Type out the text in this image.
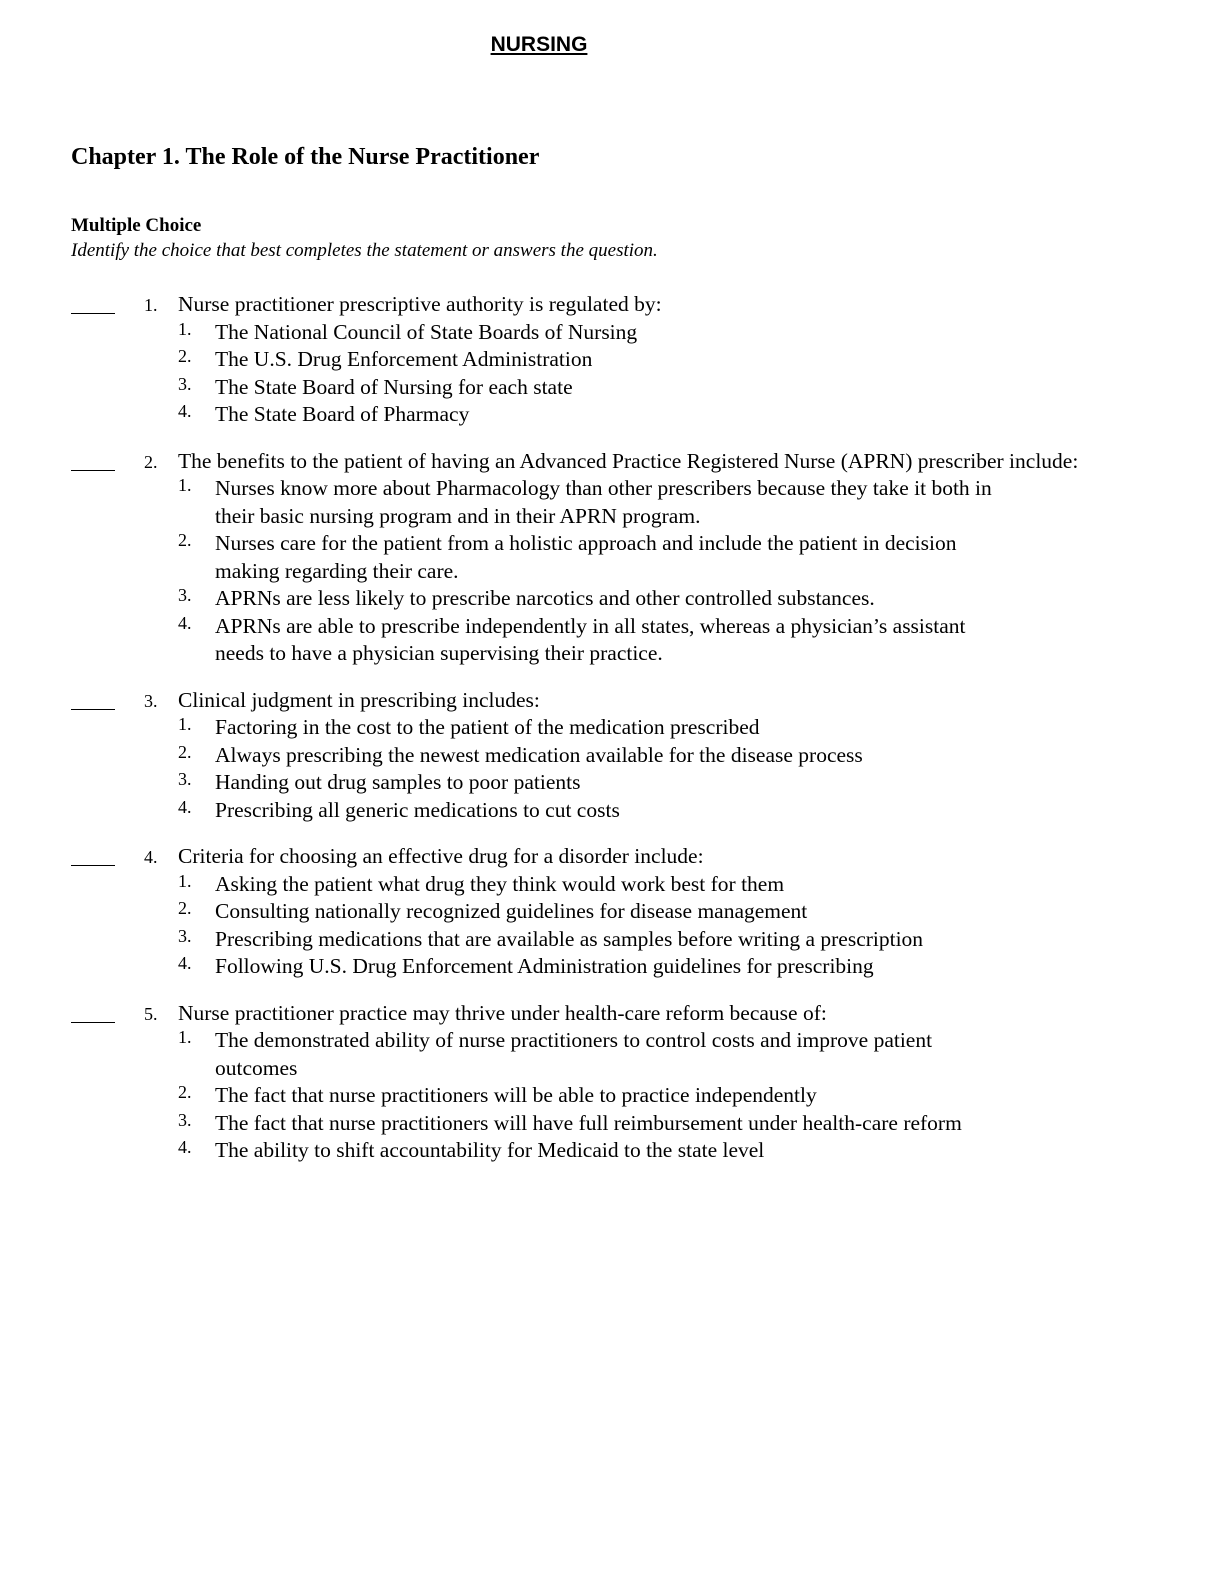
NURSING
Chapter 1. The Role of the Nurse Practitioner
Multiple Choice
Identify the choice that best completes the statement or answers the question.
1. Nurse practitioner prescriptive authority is regulated by:
1. The National Council of State Boards of Nursing
2. The U.S. Drug Enforcement Administration
3. The State Board of Nursing for each state
4. The State Board of Pharmacy
2. The benefits to the patient of having an Advanced Practice Registered Nurse (APRN) prescriber include:
1. Nurses know more about Pharmacology than other prescribers because they take it both in their basic nursing program and in their APRN program.
2. Nurses care for the patient from a holistic approach and include the patient in decision making regarding their care.
3. APRNs are less likely to prescribe narcotics and other controlled substances.
4. APRNs are able to prescribe independently in all states, whereas a physician’s assistant needs to have a physician supervising their practice.
3. Clinical judgment in prescribing includes:
1. Factoring in the cost to the patient of the medication prescribed
2. Always prescribing the newest medication available for the disease process
3. Handing out drug samples to poor patients
4. Prescribing all generic medications to cut costs
4. Criteria for choosing an effective drug for a disorder include:
1. Asking the patient what drug they think would work best for them
2. Consulting nationally recognized guidelines for disease management
3. Prescribing medications that are available as samples before writing a prescription
4. Following U.S. Drug Enforcement Administration guidelines for prescribing
5. Nurse practitioner practice may thrive under health-care reform because of:
1. The demonstrated ability of nurse practitioners to control costs and improve patient outcomes
2. The fact that nurse practitioners will be able to practice independently
3. The fact that nurse practitioners will have full reimbursement under health-care reform
4. The ability to shift accountability for Medicaid to the state level
